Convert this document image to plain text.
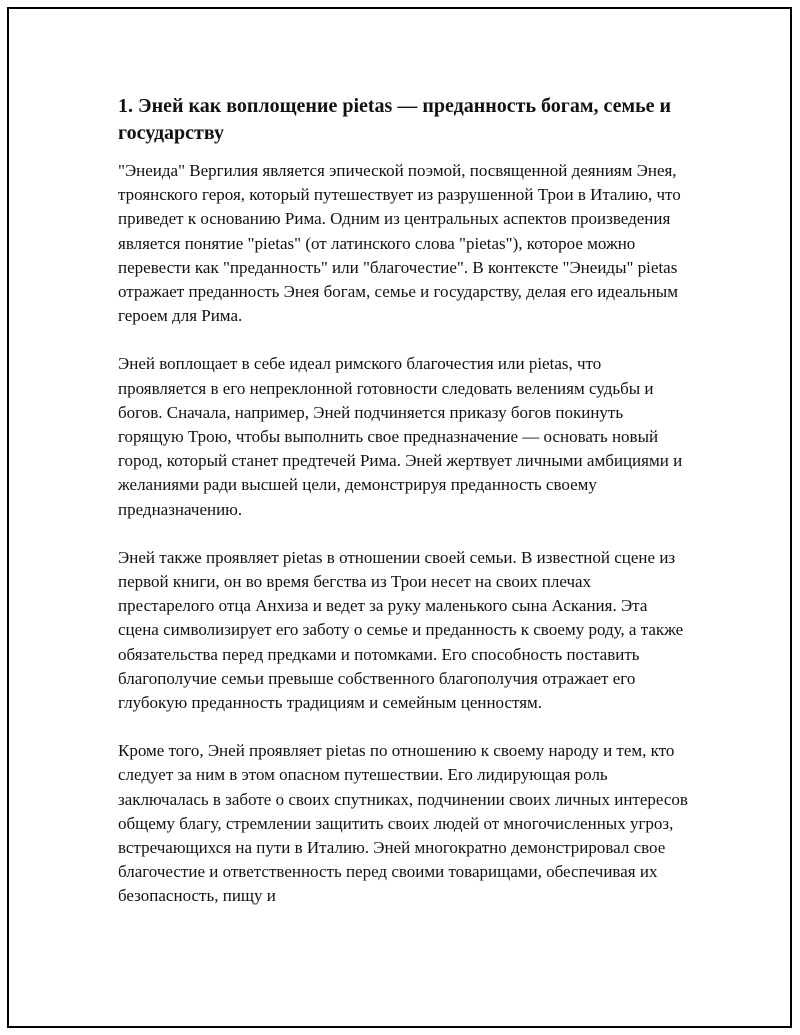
1. Эней как воплощение pietas — преданность богам, семье и государству

"Энеида" Вергилия является эпической поэмой, посвященной деяниям Энея, троянского героя, который путешествует из разрушенной Трои в Италию, что приведет к основанию Рима. Одним из центральных аспектов произведения является понятие "pietas" (от латинского слова "pietas"), которое можно перевести как "преданность" или "благочестие". В контексте "Энеиды" pietas отражает преданность Энея богам, семье и государству, делая его идеальным героем для Рима.

Эней воплощает в себе идеал римского благочестия или pietas, что проявляется в его непреклонной готовности следовать велениям судьбы и богов. Сначала, например, Эней подчиняется приказу богов покинуть горящую Трою, чтобы выполнить свое предназначение — основать новый город, который станет предтечей Рима. Эней жертвует личными амбициями и желаниями ради высшей цели, демонстрируя преданность своему предназначению.

Эней также проявляет pietas в отношении своей семьи. В известной сцене из первой книги, он во время бегства из Трои несет на своих плечах престарелого отца Анхиза и ведет за руку маленького сына Аскания. Эта сцена символизирует его заботу о семье и преданность к своему роду, а также обязательства перед предками и потомками. Его способность поставить благополучие семьи превыше собственного благополучия отражает его глубокую преданность традициям и семейным ценностям.

Кроме того, Эней проявляет pietas по отношению к своему народу и тем, кто следует за ним в этом опасном путешествии. Его лидирующая роль заключалась в заботе о своих спутниках, подчинении своих личных интересов общему благу, стремлении защитить своих людей от многочисленных угроз, встречающихся на пути в Италию. Эней многократно демонстрировал свое благочестие и ответственность перед своими товарищами, обеспечивая их безопасность, пищу и
